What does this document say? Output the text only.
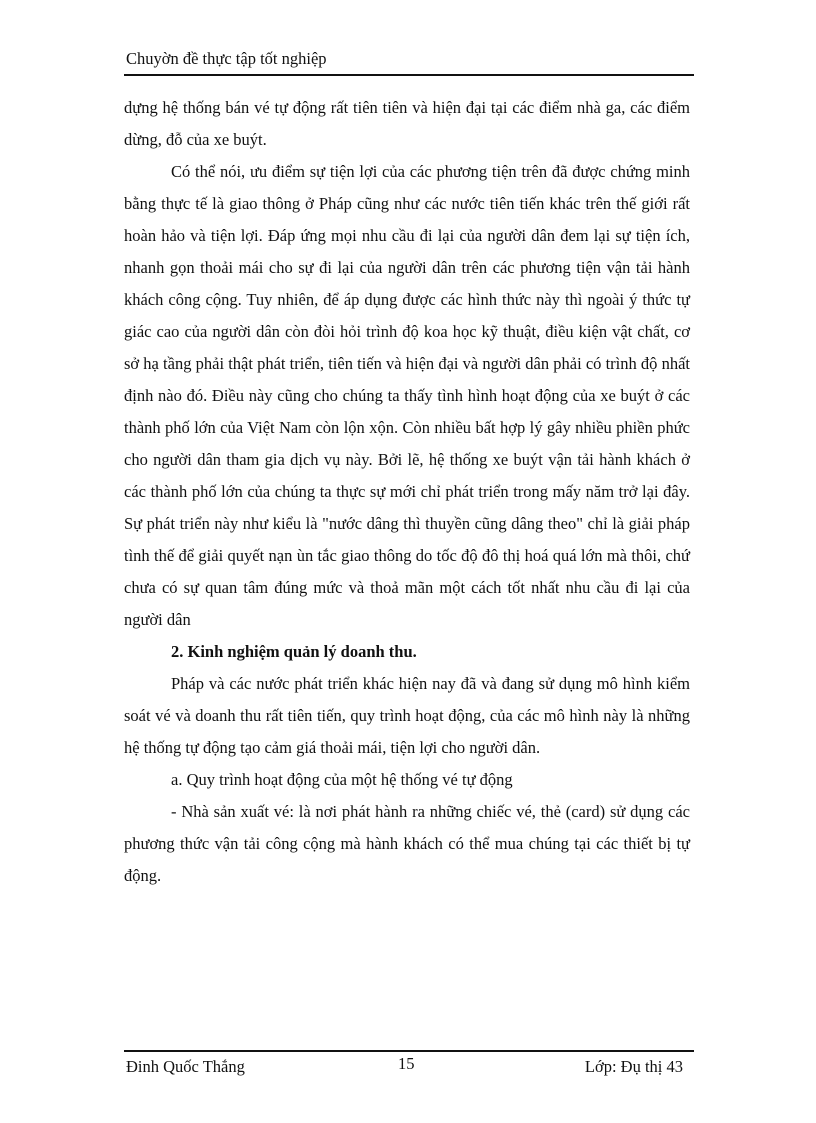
Chuyờn đề thực tập tốt nghiệp

dựng hệ thống bán vé tự động rất tiên tiên và hiện đại tại các điểm nhà ga, các điểm dừng, đỗ của xe buýt.

Có thể nói, ưu điểm sự tiện lợi của các phương tiện trên đã được chứng minh bằng thực tế là giao thông ở Pháp cũng như các nước tiên tiến khác trên thế giới rất hoàn hảo và tiện lợi. Đáp ứng mọi nhu cầu đi lại của người dân đem lại sự tiện ích, nhanh gọn thoải mái cho sự đi lại của người dân trên các phương tiện vận tải hành khách công cộng. Tuy nhiên, để áp dụng được các hình thức này thì ngoài ý thức tự giác cao của người dân còn đòi hỏi trình độ koa học kỹ thuật, điều kiện vật chất, cơ sở hạ tầng phải thật phát triển, tiên tiến và hiện đại và người dân phải có trình độ nhất định nào đó. Điều này cũng cho chúng ta thấy tình hình hoạt động của xe buýt ở các thành phố lớn của Việt Nam còn lộn xộn. Còn nhiều bất hợp lý gây nhiều phiền phức cho người dân tham gia dịch vụ này. Bởi lẽ, hệ thống xe buýt vận tải hành khách ở các thành phố lớn của chúng ta thực sự mới chỉ phát triển trong mấy năm trở lại đây. Sự phát triển này như kiểu là "nước dâng thì thuyền cũng dâng theo" chỉ là giải pháp tình thế để giải quyết nạn ùn tắc giao thông do tốc độ đô thị hoá quá lớn mà thôi, chứ chưa có sự quan tâm đúng mức và thoả mãn một cách tốt nhất nhu cầu đi lại của người dân

2. Kinh nghiệm quản lý doanh thu.

Pháp và các nước phát triển khác hiện nay đã và đang sử dụng mô hình kiểm soát vé và doanh thu rất tiên tiến, quy trình hoạt động, của các mô hình này là những hệ thống tự động tạo cảm giá thoải mái, tiện lợi cho người dân.

a. Quy trình hoạt động của một hệ thống vé tự động

- Nhà sản xuất vé: là nơi phát hành ra những chiếc vé, thẻ (card) sử dụng các phương thức vận tải công cộng mà hành khách có thể mua chúng tại các thiết bị tự động.

Đinh Quốc Thắng	15	Lớp: Đụ thị 43
